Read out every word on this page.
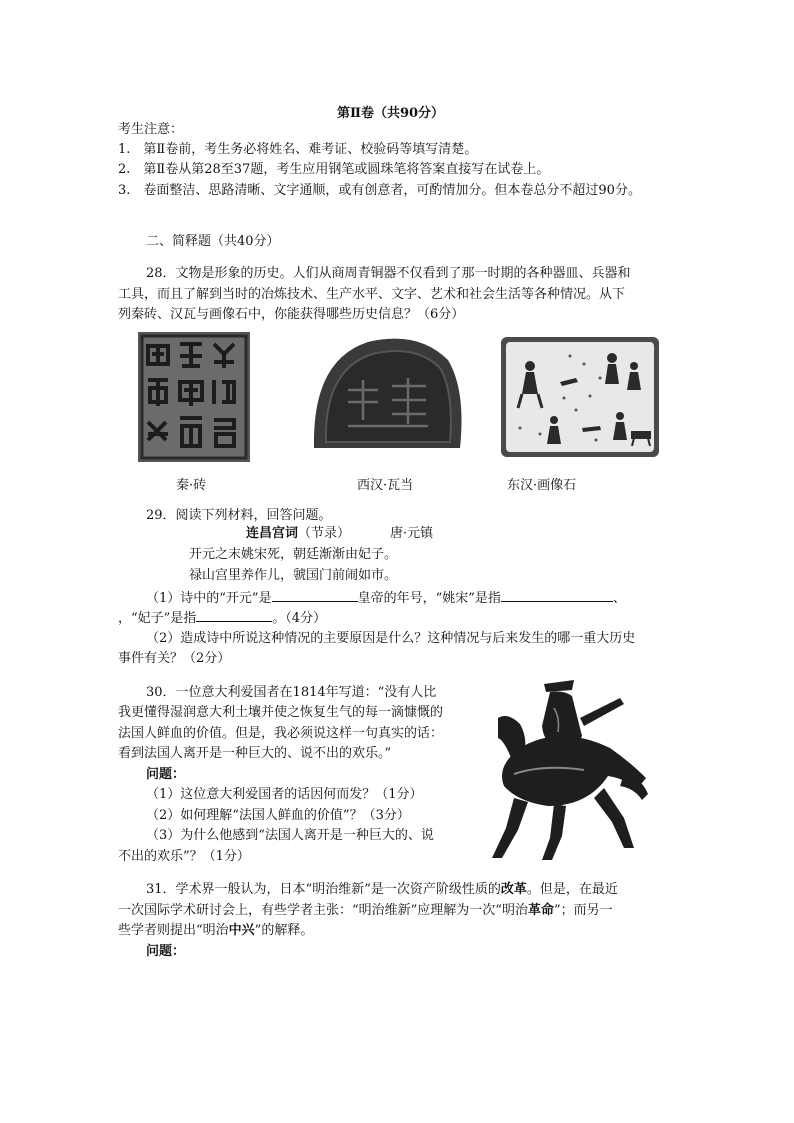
第Ⅱ卷（共90分）
考生注意：
1.　第Ⅱ卷前，考生务必将姓名、难考证、校验码等填写清楚。
2.　第Ⅱ卷从第28至37题，考生应用钢笔或圆珠笔将答案直接写在试卷上。
3.　卷面整洁、思路清晰、文字通顺，或有创意者，可酌情加分。但本卷总分不超过90分。
二、简释题（共40分）
28．文物是形象的历史。人们从商周青铜器不仅看到了那一时期的各种器皿、兵器和
工具，而且了解到当时的冶炼技术、生产水平、文字、艺术和社会生活等各种情况。从下
列秦砖、汉瓦与画像石中，你能获得哪些历史信息？（6分）
秦·砖	西汉·瓦当	东汉·画像石
29．阅读下列材料，回答问题。
连昌宫词（节录）	唐·元镇
开元之末姚宋死，朝廷渐渐由妃子。
禄山宫里养作儿，虢国门前闹如市。
（1）诗中的“开元”是	皇帝的年号，“姚宋”是指	、
，“妃子”是指	。（4分）
（2）造成诗中所说这种情况的主要原因是什么？这种情况与后来发生的哪一重大历史
事件有关？（2分）
30．一位意大利爱国者在1814年写道：“没有人比
我更懂得湿润意大利土壤并使之恢复生气的每一滴慷慨的
法国人鲜血的价值。但是，我必须说这样一句真实的话：
看到法国人离开是一种巨大的、说不出的欢乐。”
问题：
（1）这位意大利爱国者的话因何而发？（1分）
（2）如何理解“法国人鲜血的价值”？（3分）
（3）为什么他感到“法国人离开是一种巨大的、说
不出的欢乐”？（1分）
31．学术界一般认为，日本“明治维新”是一次资产阶级性质的改革。但是，在最近
一次国际学术研讨会上，有些学者主张：“明治维新”应理解为一次“明治革命”；而另一
些学者则提出“明治中兴”的解释。
问题：
